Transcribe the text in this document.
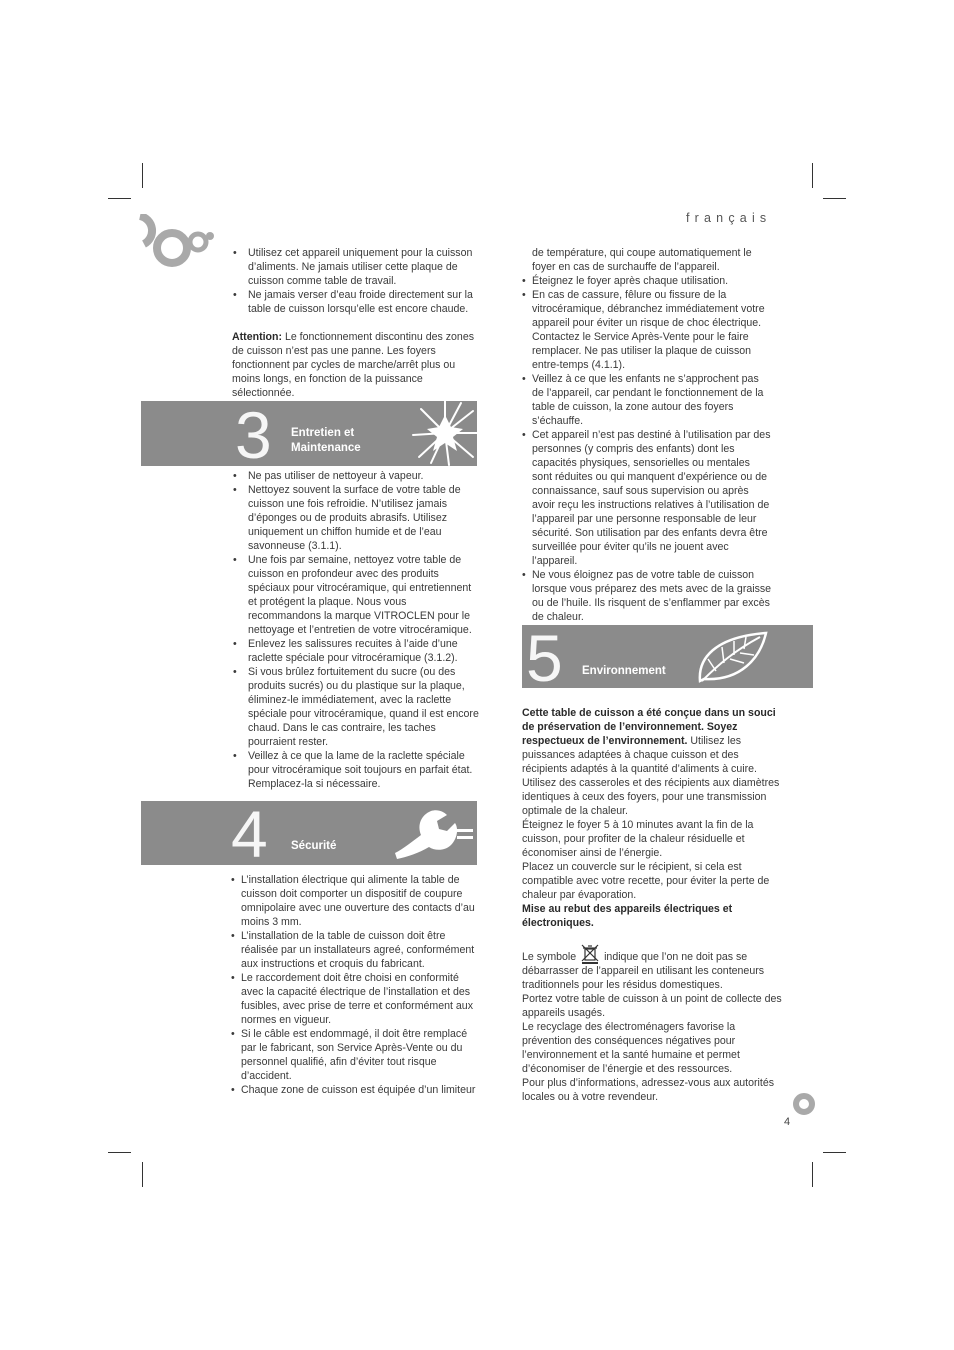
français
• Utilisez cet appareil uniquement pour la cuisson d’aliments. Ne jamais utiliser cette plaque de cuisson comme table de travail.
• Ne jamais verser d’eau froide directement sur la table de cuisson lorsqu’elle est encore chaude.

Attention: Le fonctionnement discontinu des zones de cuisson n’est pas une panne. Les foyers fonctionnent par cycles de marche/arrêt plus ou moins longs, en fonction de la puissance sélectionnée.

3 Entretien et
Maintenance
• Ne pas utiliser de nettoyeur à vapeur.
• Nettoyez souvent la surface de votre table de cuisson une fois refroidie. N’utilisez jamais d’éponges ou de produits abrasifs. Utilisez uniquement un chiffon humide et de l’eau savonneuse (3.1.1).
• Une fois par semaine, nettoyez votre table de cuisson en profondeur avec des produits spéciaux pour vitrocéramique, qui entretiennent et protégent la plaque. Nous vous recommandons la marque VITROCLEN pour le nettoyage et l’entretien de votre vitrocéramique.
• Enlevez les salissures recuites à l’aide d’une raclette spéciale pour vitrocéramique (3.1.2).
• Si vous brûlez fortuitement du sucre (ou des produits sucrés) ou du plastique sur la plaque, éliminez-le immédiatement, avec la raclette spéciale pour vitrocéramique, quand il est encore chaud. Dans le cas contraire, les taches pourraient rester.
• Veillez à ce que la lame de la raclette spéciale pour vitrocéramique soit toujours en parfait état. Remplacez-la si nécessaire.
4 Sécurité
• L’installation électrique qui alimente la table de cuisson doit comporter un dispositif de coupure omnipolaire avec une ouverture des contacts d’au moins 3 mm.
• L’installation de la table de cuisson doit être réalisée par un installateurs agreé, conformément aux instructions et croquis du fabricant.
• Le raccordement doit être choisi en conformité avec la capacité électrique de l’installation et des fusibles, avec prise de terre et conformément aux normes en vigueur.
• Si le câble est endommagé, il doit être remplacé par le fabricant, son Service Après-Vente ou du personnel qualifié, afin d’éviter tout risque d’accident.
• Chaque zone de cuisson est équipée d’un limiteur

de température, qui coupe automatiquement le foyer en cas de surchauffe de l’appareil.

• Éteignez le foyer après chaque utilisation.
• En cas de cassure, fêlure ou fissure de la vitrocéramique, débranchez immédiatement votre appareil pour éviter un risque de choc électrique. Contactez le Service Après-Vente pour le faire remplacer. Ne pas utiliser la plaque de cuisson entre-temps (4.1.1).
• Veillez à ce que les enfants ne s’approchent pas de l’appareil, car pendant le fonctionnement de la table de cuisson, la zone autour des foyers s’échauffe.
• Cet appareil n’est pas destiné à l’utilisation par des personnes (y compris des enfants) dont les capacités physiques, sensorielles ou mentales sont réduites ou qui manquent d’expérience ou de connaissance, sauf sous supervision ou après avoir reçu les instructions relatives à l’utilisation de l’appareil par une personne responsable de leur sécurité. Son utilisation par des enfants devra être surveillée pour éviter qu’ils ne jouent avec l’appareil.
• Ne vous éloignez pas de votre table de cuisson lorsque vous préparez des mets avec de la graisse ou de l’huile. Ils risquent de s’enflammer par excès de chaleur.
5 Environnement

Cette table de cuisson a été conçue dans un souci de préservation de l’environnement. Soyez respectueux de l’environnement. Utilisez les puissances adaptées à chaque cuisson et des récipients adaptés à la quantité d’aliments à cuire. Utilisez des casseroles et des récipients aux diamètres identiques à ceux des foyers, pour une transmission optimale de la chaleur.

Éteignez le foyer 5 à 10 minutes avant la fin de la cuisson, pour profiter de la chaleur résiduelle et économiser ainsi de l’énergie.

Placez un couvercle sur le récipient, si cela est compatible avec votre recette, pour éviter la perte de chaleur par évaporation.

Mise au rebut des appareils électriques et électroniques.

Le symbole  indique que l’on ne doit pas se débarrasser de l’appareil en utilisant les conteneurs traditionnels pour les résidus domestiques.

Portez votre table de cuisson à un point de collecte des appareils usagés.

Le recyclage des électroménagers favorise la prévention des conséquences négatives pour l’environnement et la santé humaine et permet d’économiser de l’énergie et des ressources.

Pour plus d’informations, adressez-vous aux autorités locales ou à votre revendeur.

4
